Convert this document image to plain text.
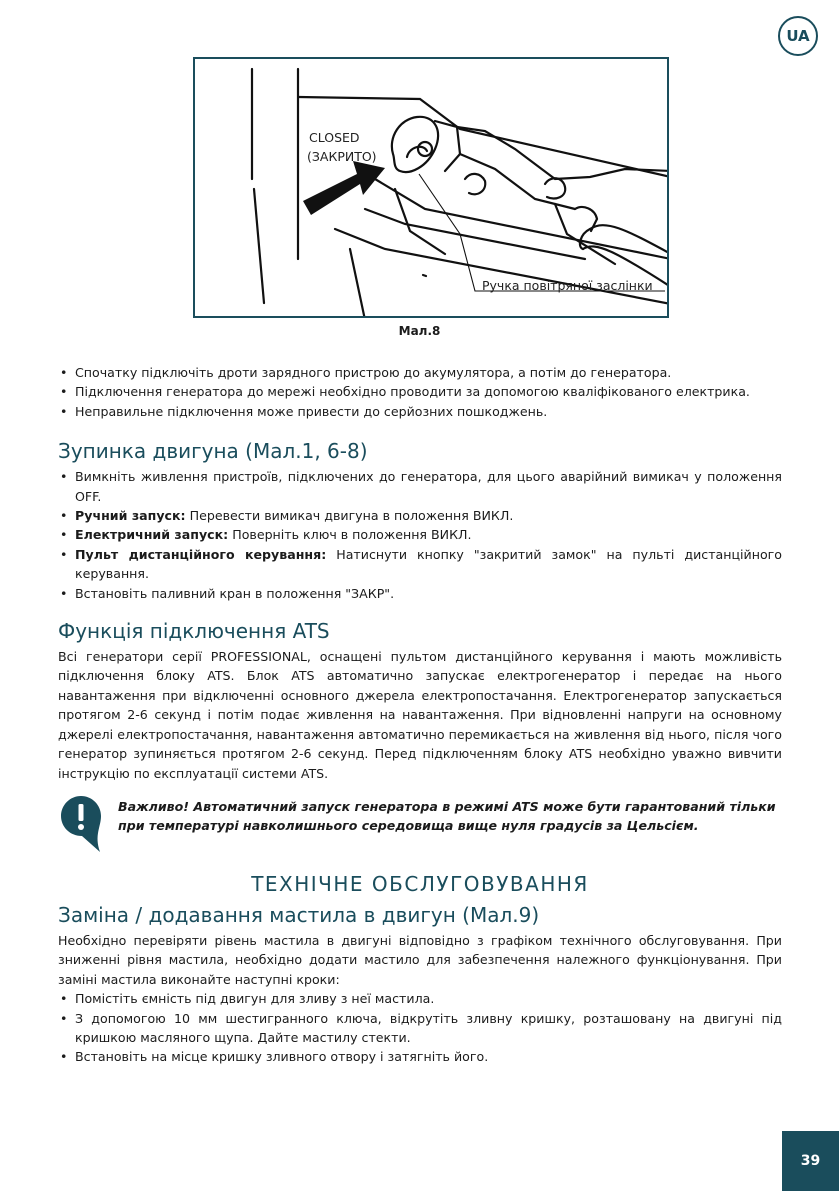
UA
CLOSED
(ЗАКРИТО)
Ручка повітряної заслінки
Мал.8
• Спочатку підключіть дроти зарядного пристрою до акумулятора, а потім до генератора.
• Підключення генератора до мережі необхідно проводити за допомогою кваліфікованого електрика.
• Неправильне підключення може привести до серйозних пошкоджень.
Зупинка двигуна (Мал.1, 6-8)
• Вимкніть живлення пристроїв, підключених до генератора, для цього аварійний вимикач у положення OFF.
• Ручний запуск: Перевести вимикач двигуна в положення ВИКЛ.
• Електричний запуск: Поверніть ключ в положення ВИКЛ.
• Пульт дистанційного керування: Натиснути кнопку "закритий замок" на пульті дистанційного керування.
• Встановіть паливний кран в положення "ЗАКР".
Функція підключення ATS

Всі генератори серії PROFESSIONAL, оснащені пультом дистанційного керування і мають можливість підключення блоку ATS. Блок ATS автоматично запускає електрогенератор і передає на нього навантаження при відключенні основного джерела електропостачання. Електрогенератор запускається протягом 2-6 секунд і потім подає живлення на навантаження. При відновленні напруги на основному джерелі електропостачання, навантаження автоматично перемикається на живлення від нього, після чого генератор зупиняється протягом 2-6 секунд. Перед підключенням блоку ATS необхідно уважно вивчити інструкцію по експлуатації системи ATS.

Важливо! Автоматичний запуск генератора в режимі ATS може бути гарантований тільки при температурі навколишнього середовища вище нуля градусів за Цельсієм.
ТЕХНІЧНЕ ОБСЛУГОВУВАННЯ
Заміна / додавання мастила в двигун (Мал.9)

Необхідно перевіряти рівень мастила в двигуні відповідно з графіком технічного обслуговування. При зниженні рівня мастила, необхідно додати мастило для забезпечення належного функціонування. При заміні мастила виконайте наступні кроки:

• Помістіть ємність під двигун для зливу з неї мастила.
• З допомогою 10 мм шестигранного ключа, відкрутіть зливну кришку, розташовану на двигуні під кришкою масляного щупа. Дайте мастилу стекти.
• Встановіть на місце кришку зливного отвору і затягніть його.
39
